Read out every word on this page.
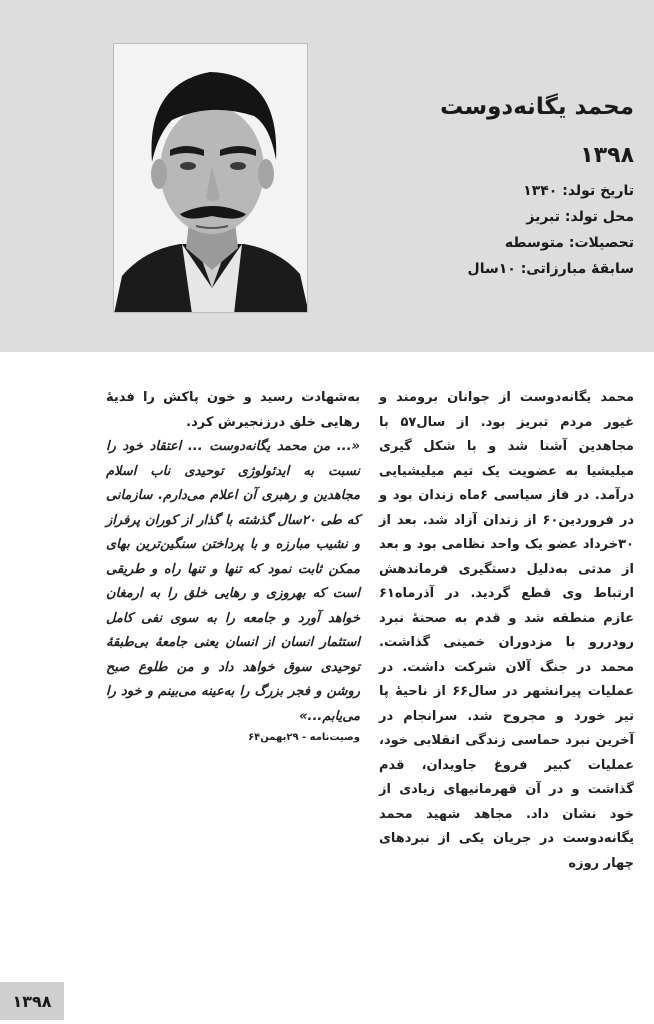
محمد یگانه‌دوست
۱۳۹۸
تاریخ تولد: ۱۳۴۰
محل تولد: تبریز
تحصیلات: متوسطه
سابقهٔ مبارزاتی: ۱۰سال

محمد یگانه‌دوست از جوانان برومند و غیور مردم تبریز بود. از سال۵۷ با مجاهدین آشنا شد و با شکل گیری میلیشیا به عضویت یک تیم میلیشیایی درآمد. در فاز سیاسی ۶ماه زندان بود و در فروردین۶۰ از زندان آزاد شد. بعد از ۳۰خرداد عضو یک واحد نظامی بود و بعد از مدتی به‌دلیل دستگیری فرماندهش ارتباط وی قطع گردید. در آذرماه۶۱ عازم منطقه شد و قدم به صحنهٔ نبرد رودررو با مزدوران خمینی گذاشت. محمد در جنگ آلان شرکت داشت. در عملیات پیرانشهر در سال۶۶ از ناحیهٔ پا تیر خورد و مجروح شد. سرانجام در آخرین نبرد حماسی زندگی انقلابی خود، عملیات کبیر فروغ جاویدان، قدم گذاشت و در آن قهرمانیهای زیادی از خود نشان داد. مجاهد شهید محمد یگانه‌دوست در جریان یکی از نبردهای چهار روزه

به‌شهادت رسید و خون پاکش را فدیهٔ رهایی خلق درزنجیرش کرد.

«... من محمد یگانه‌دوست ... اعتقاد خود را نسبت به ایدئولوژی توحیدی ناب اسلام مجاهدین و رهبری آن اعلام می‌دارم. سازمانی که طی ۲۰سال گذشته با گذار از کوران پرفراز و نشیب مبارزه و با پرداختن سنگین‌ترین بهای ممکن ثابت نمود که تنها و تنها راه و طریقی است که بهروزی و رهایی خلق را به ارمغان خواهد آورد و جامعه را به سوی نفی کامل استثمار انسان از انسان یعنی جامعهٔ بی‌طبقهٔ توحیدی سوق خواهد داد و من طلوع صبح روشن و فجر بزرگ را به‌عینه می‌بینم و خود را می‌یابم...»

وصیت‌نامه - ۲۹بهمن۶۴

۱۳۹۸
